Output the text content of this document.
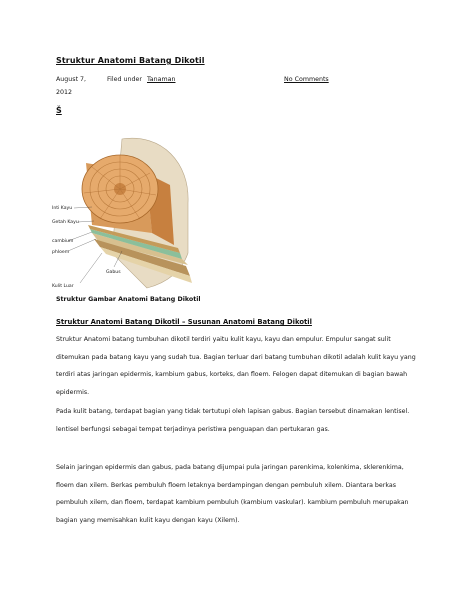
Struktur Anatomi Batang Dikotil
August 7,	Filed under Tanaman	No Comments
2012
Š
Inti Kayu
Getah Kayu
cambium
phloem
Gabus
Kulit Luar
Struktur Gambar Anatomi Batang Dikotil
Struktur Anatomi Batang Dikotil – Susunan Anatomi Batang Dikotil
Struktur Anatomi batang tumbuhan dikotil terdiri yaitu kulit kayu, kayu dan empulur. Empulur sangat sulit ditemukan pada batang kayu yang sudah tua. Bagian terluar dari batang tumbuhan dikotil adalah kulit kayu yang terdiri atas jaringan epidermis, kambium gabus, korteks, dan floem. Felogen dapat ditemukan di bagian bawah epidermis.
Pada kulit batang, terdapat bagian yang tidak tertutupi oleh lapisan gabus. Bagian tersebut dinamakan lentisel. lentisel berfungsi sebagai tempat terjadinya peristiwa penguapan dan pertukaran gas.
Selain jaringan epidermis dan gabus, pada batang dijumpai pula jaringan parenkima, kolenkima, sklerenkima, floem dan xilem. Berkas pembuluh floem letaknya berdampingan dengan pembuluh xilem. Diantara berkas pembuluh xilem, dan floem, terdapat kambium pembuluh (kambium vaskular). kambium pembuluh merupakan bagian yang memisahkan kulit kayu dengan kayu (Xilem).
